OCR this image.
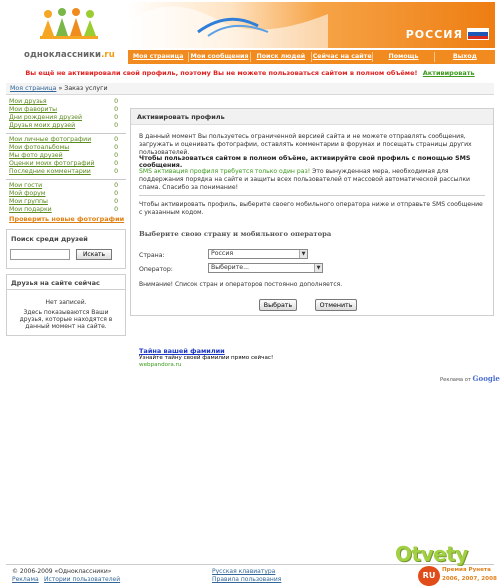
одноклассники.ru
РОССИЯ
Моя страница	Мои сообщения	Поиск людей	Сейчас на сайте	Помощь	Выход
Вы ещё не активировали свой профиль, поэтому Вы не можете пользоваться сайтом в полном объёме! Активировать
Моя страница » Заказ услуги
Мои друзья	0
Мои фавориты	0
Дни рождения друзей	0
Друзья моих друзей	0
Мои личные фотографии	0
Мои фотоальбомы	0
Мы фото друзей	0
Оценки моих фотографий	0
Последние комментарии	0
Мои гости	0
Мой форум	0
Мои группы	0
Мои подарки	0
Проверить новые фотографии
Поиск среди друзей
Искать
Друзья на сайте сейчас
Нет записей.
Здесь показываются Ваши друзья, которые находятся в данный момент на сайте.
Активировать профиль
В данный момент Вы пользуетесь ограниченной версией сайта и не можете отправлять сообщения, загружать и оценивать фотографии, оставлять комментарии в форумах и посещать страницы других пользователей.
Чтобы пользоваться сайтом в полном объёме, активируйте свой профиль с помощью SMS сообщения.
SMS активация профиля требуется только один раз! Это вынужденная мера, необходимая для поддержания порядка на сайте и защиты всех пользователей от массовой автоматической рассылки спама. Спасибо за понимание!
Чтобы активировать профиль, выберите своего мобильного оператора ниже и отправьте SMS сообщение с указанным кодом.
Выберите свою страну и мобильного оператора
Страна:	Россия	▼
Оператор:	Выберите...	▼
Внимание! Список стран и операторов постоянно дополняется.
Выбрать	Отменить
Тайна вашей фамилии
Узнайте тайну своей фамилии прямо сейчас!
webpandora.ru
Реклама от Google
© 2006-2009 «Одноклассники»
Реклама Истории пользователей
Русская клавиатура
Правила пользования
Otvety
RU
Премия Рунета
2006, 2007, 2008
